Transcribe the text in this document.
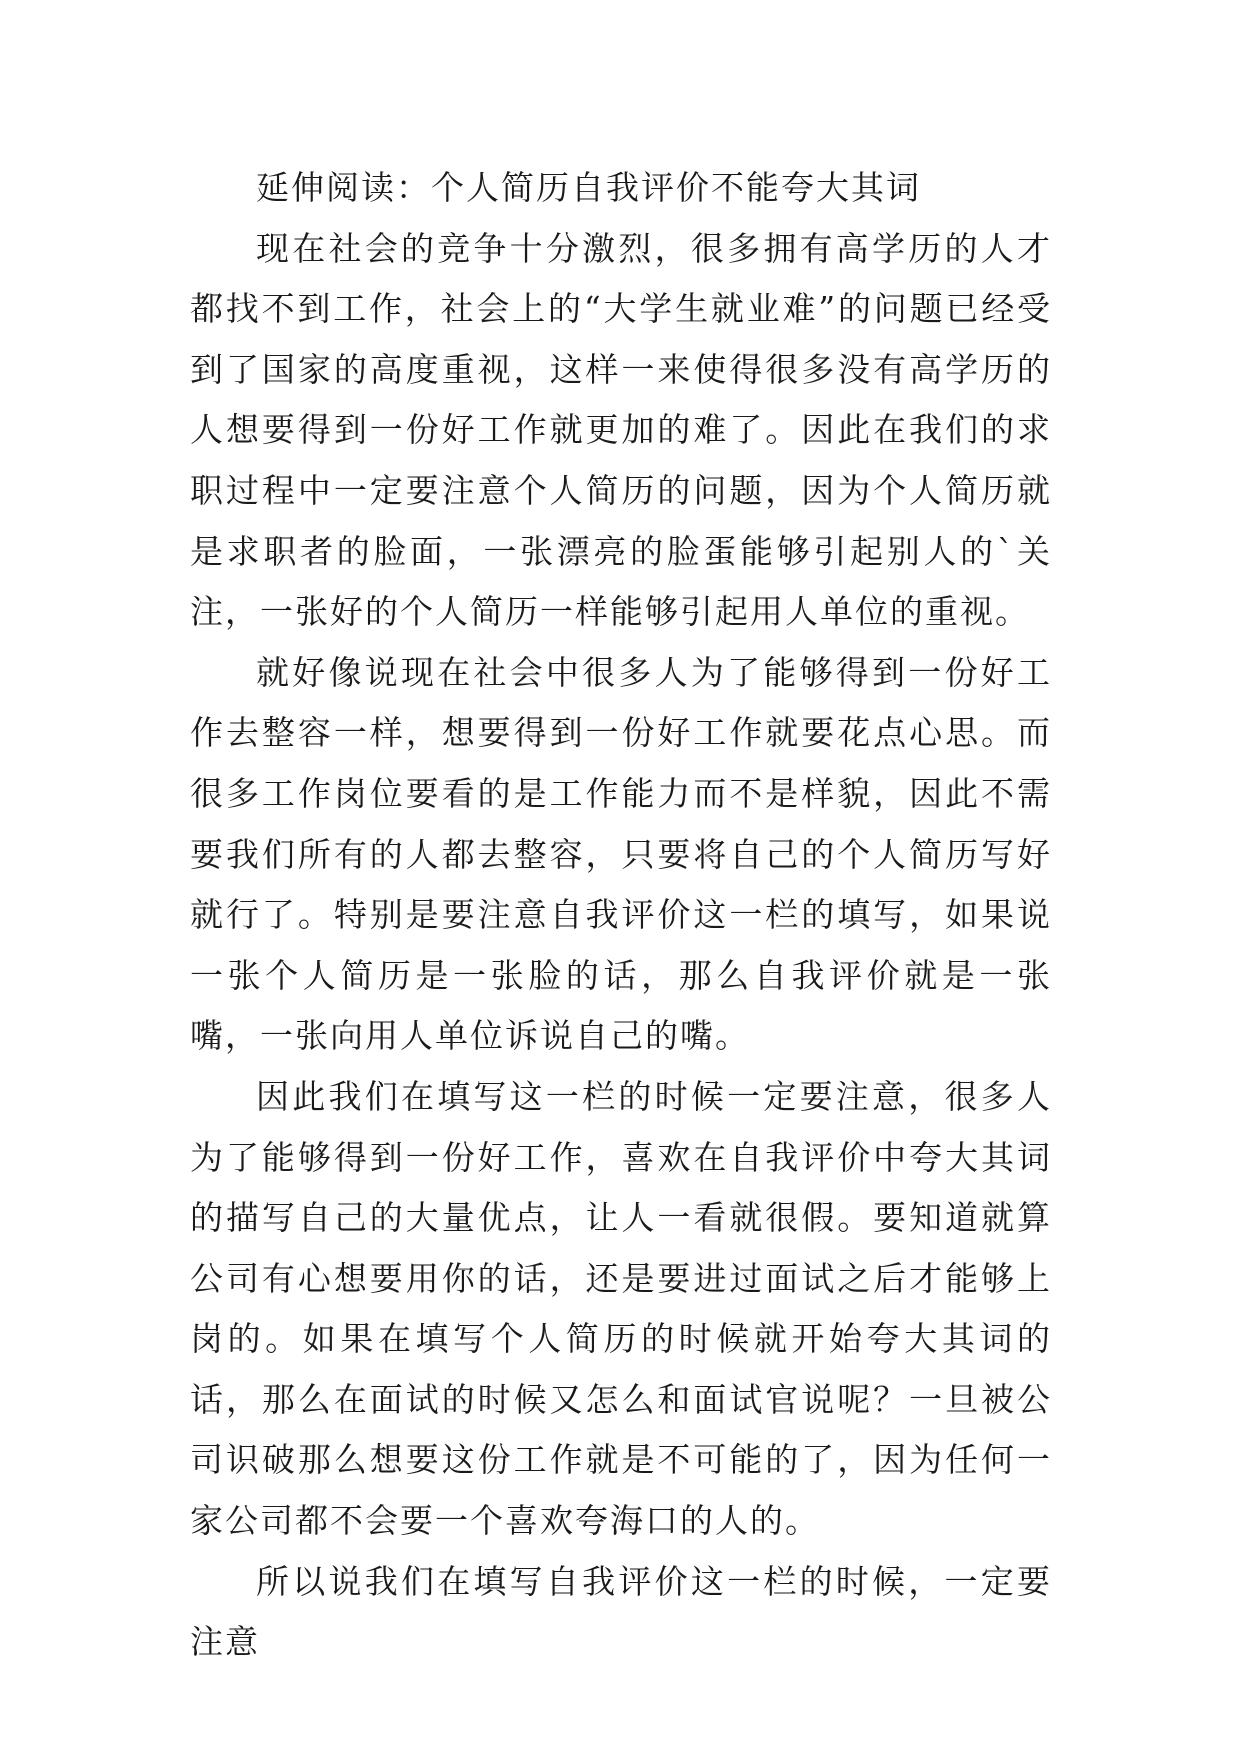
延伸阅读：个人简历自我评价不能夸大其词

现在社会的竞争十分激烈，很多拥有高学历的人才都找不到工作，社会上的“大学生就业难”的问题已经受到了国家的高度重视，这样一来使得很多没有高学历的人想要得到一份好工作就更加的难了。因此在我们的求职过程中一定要注意个人简历的问题，因为个人简历就是求职者的脸面，一张漂亮的脸蛋能够引起别人的`关注，一张好的个人简历一样能够引起用人单位的重视。

就好像说现在社会中很多人为了能够得到一份好工作去整容一样，想要得到一份好工作就要花点心思。而很多工作岗位要看的是工作能力而不是样貌，因此不需要我们所有的人都去整容，只要将自己的个人简历写好就行了。特别是要注意自我评价这一栏的填写，如果说一张个人简历是一张脸的话，那么自我评价就是一张嘴，一张向用人单位诉说自己的嘴。

因此我们在填写这一栏的时候一定要注意，很多人为了能够得到一份好工作，喜欢在自我评价中夸大其词的描写自己的大量优点，让人一看就很假。要知道就算公司有心想要用你的话，还是要进过面试之后才能够上岗的。如果在填写个人简历的时候就开始夸大其词的话，那么在面试的时候又怎么和面试官说呢？一旦被公司识破那么想要这份工作就是不可能的了，因为任何一家公司都不会要一个喜欢夸海口的人的。

所以说我们在填写自我评价这一栏的时候，一定要注意
